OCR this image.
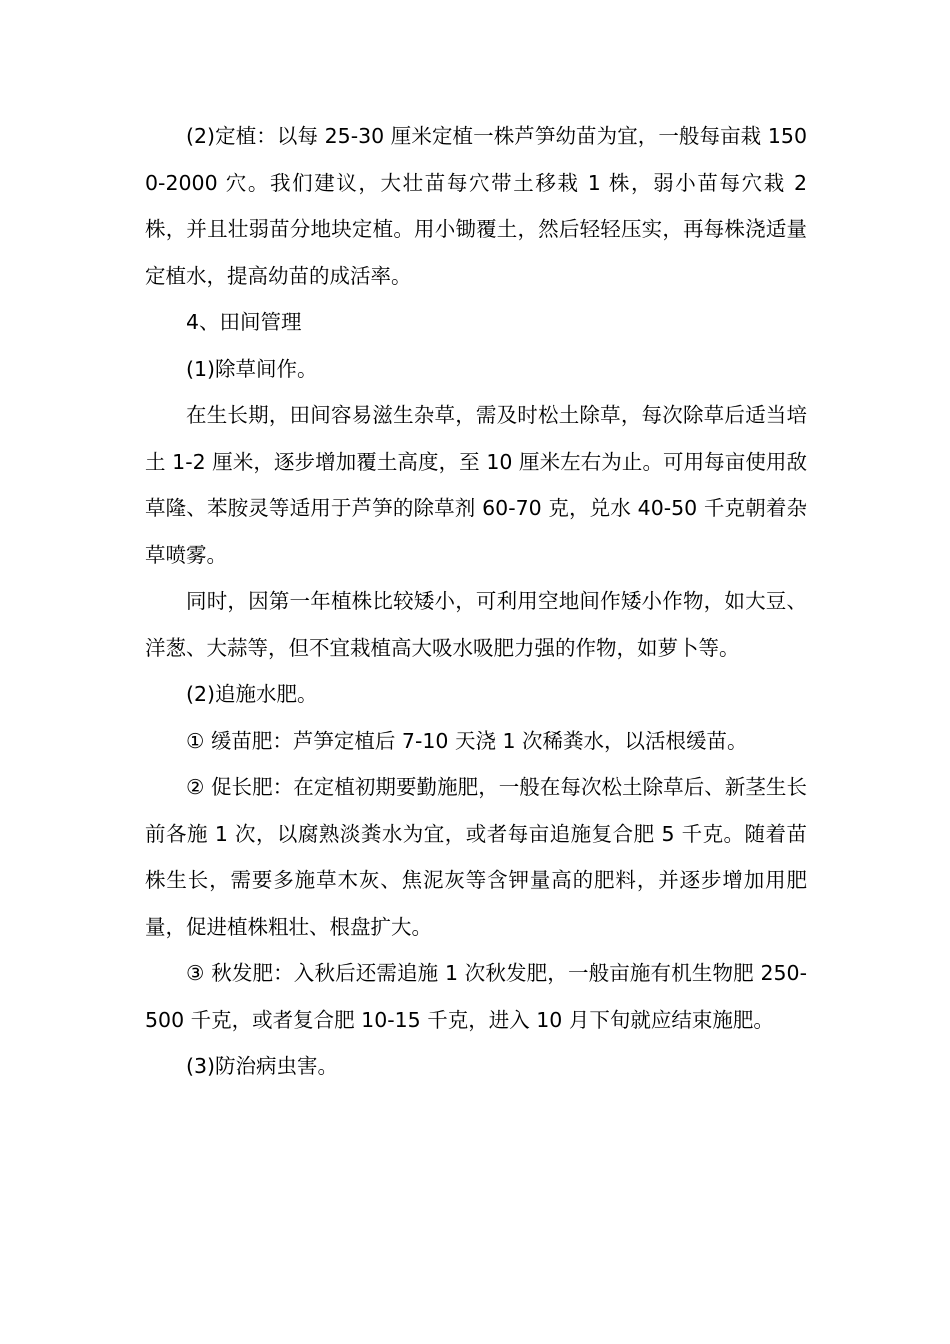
(2)定植：以每 25-30 厘米定植一株芦笋幼苗为宜，一般每亩栽 1500-2000 穴。我们建议，大壮苗每穴带土移栽 1 株，弱小苗每穴栽 2 株，并且壮弱苗分地块定植。用小锄覆土，然后轻轻压实，再每株浇适量定植水，提高幼苗的成活率。

4、田间管理

(1)除草间作。

在生长期，田间容易滋生杂草，需及时松土除草，每次除草后适当培土 1-2 厘米，逐步增加覆土高度，至 10 厘米左右为止。可用每亩使用敌草隆、苯胺灵等适用于芦笋的除草剂 60-70 克，兑水 40-50 千克朝着杂草喷雾。

同时，因第一年植株比较矮小，可利用空地间作矮小作物，如大豆、洋葱、大蒜等，但不宜栽植高大吸水吸肥力强的作物，如萝卜等。

(2)追施水肥。

① 缓苗肥：芦笋定植后 7-10 天浇 1 次稀粪水，以活根缓苗。

② 促长肥：在定植初期要勤施肥，一般在每次松土除草后、新茎生长前各施 1 次，以腐熟淡粪水为宜，或者每亩追施复合肥 5 千克。随着苗株生长，需要多施草木灰、焦泥灰等含钾量高的肥料，并逐步增加用肥量，促进植株粗壮、根盘扩大。

③ 秋发肥：入秋后还需追施 1 次秋发肥，一般亩施有机生物肥 250-500 千克，或者复合肥 10-15 千克，进入 10 月下旬就应结束施肥。

(3)防治病虫害。
